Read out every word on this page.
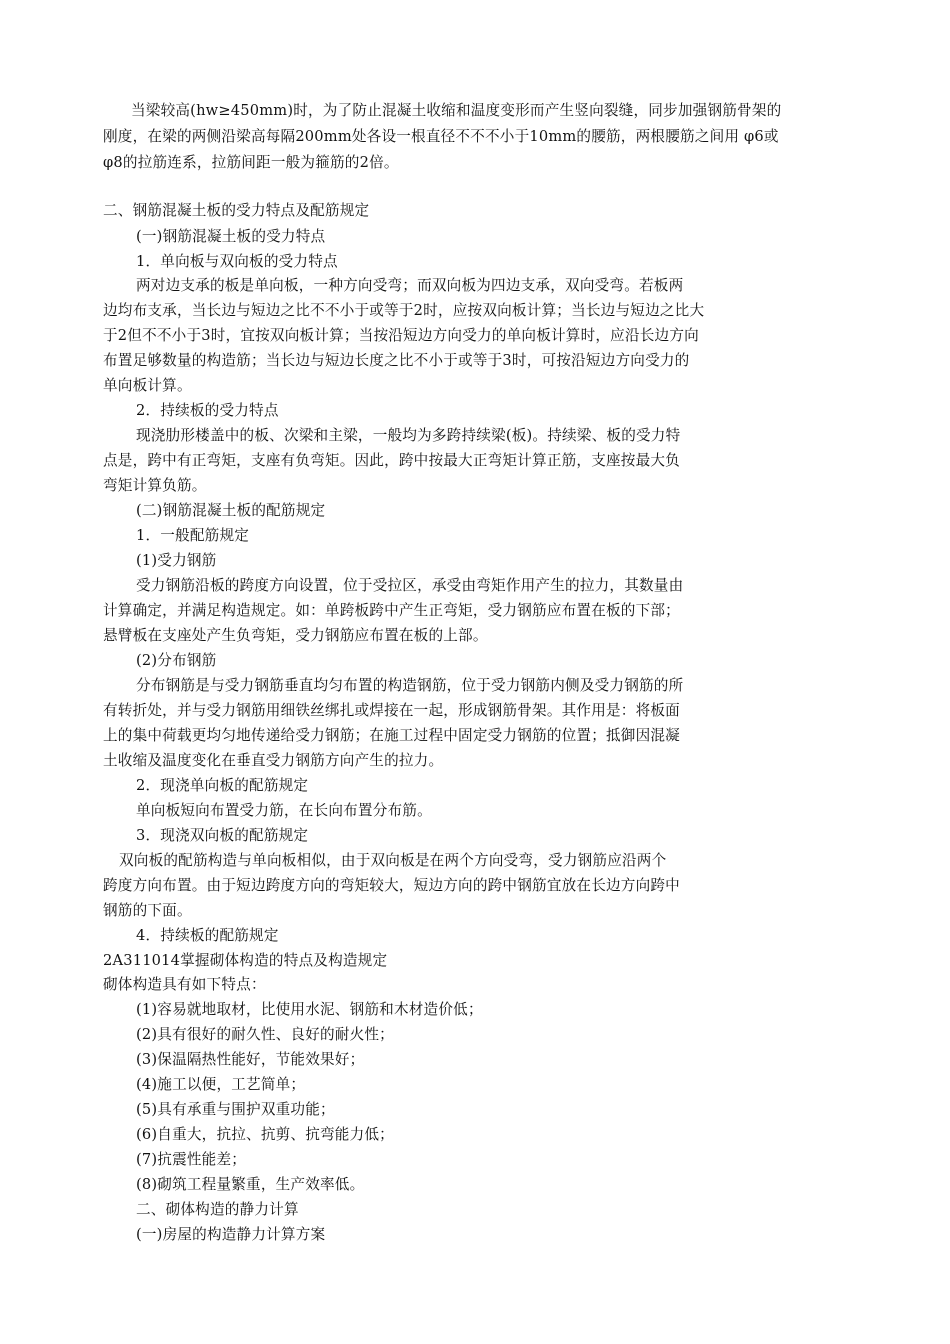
当梁较高(hw≥450mm)时，为了防止混凝土收缩和温度变形而产生竖向裂缝，同步加强钢筋骨架的
刚度，在梁的两侧沿梁高每隔200mm处各设一根直径不不不小于10mm的腰筋，两根腰筋之间用 φ6或
φ8的拉筋连系，拉筋间距一般为箍筋的2倍。
二、钢筋混凝土板的受力特点及配筋规定
(一)钢筋混凝土板的受力特点
1．单向板与双向板的受力特点
两对边支承的板是单向板，一种方向受弯；而双向板为四边支承，双向受弯。若板两
边均布支承，当长边与短边之比不不小于或等于2时，应按双向板计算；当长边与短边之比大
于2但不不小于3时，宜按双向板计算；当按沿短边方向受力的单向板计算时，应沿长边方向
布置足够数量的构造筋；当长边与短边长度之比不小于或等于3时，可按沿短边方向受力的
单向板计算。
2．持续板的受力特点
现浇肋形楼盖中的板、次梁和主梁，一般均为多跨持续梁(板)。持续梁、板的受力特
点是，跨中有正弯矩，支座有负弯矩。因此，跨中按最大正弯矩计算正筋，支座按最大负
弯矩计算负筋。
(二)钢筋混凝土板的配筋规定
1．一般配筋规定
(1)受力钢筋
受力钢筋沿板的跨度方向设置，位于受拉区，承受由弯矩作用产生的拉力，其数量由
计算确定，并满足构造规定。如：单跨板跨中产生正弯矩，受力钢筋应布置在板的下部；
悬臂板在支座处产生负弯矩，受力钢筋应布置在板的上部。
(2)分布钢筋
分布钢筋是与受力钢筋垂直均匀布置的构造钢筋，位于受力钢筋内侧及受力钢筋的所
有转折处，并与受力钢筋用细铁丝绑扎或焊接在一起，形成钢筋骨架。其作用是：将板面
上的集中荷载更均匀地传递给受力钢筋；在施工过程中固定受力钢筋的位置；抵御因混凝
土收缩及温度变化在垂直受力钢筋方向产生的拉力。
2．现浇单向板的配筋规定
单向板短向布置受力筋，在长向布置分布筋。
3．现浇双向板的配筋规定
双向板的配筋构造与单向板相似，由于双向板是在两个方向受弯，受力钢筋应沿两个
跨度方向布置。由于短边跨度方向的弯矩较大，短边方向的跨中钢筋宜放在长边方向跨中
钢筋的下面。
4．持续板的配筋规定
2A311014掌握砌体构造的特点及构造规定
砌体构造具有如下特点：
(1)容易就地取材，比使用水泥、钢筋和木材造价低；
(2)具有很好的耐久性、良好的耐火性；
(3)保温隔热性能好，节能效果好；
(4)施工以便，工艺简单；
(5)具有承重与围护双重功能；
(6)自重大，抗拉、抗剪、抗弯能力低；
(7)抗震性能差；
(8)砌筑工程量繁重，生产效率低。
二、砌体构造的静力计算
(一)房屋的构造静力计算方案
